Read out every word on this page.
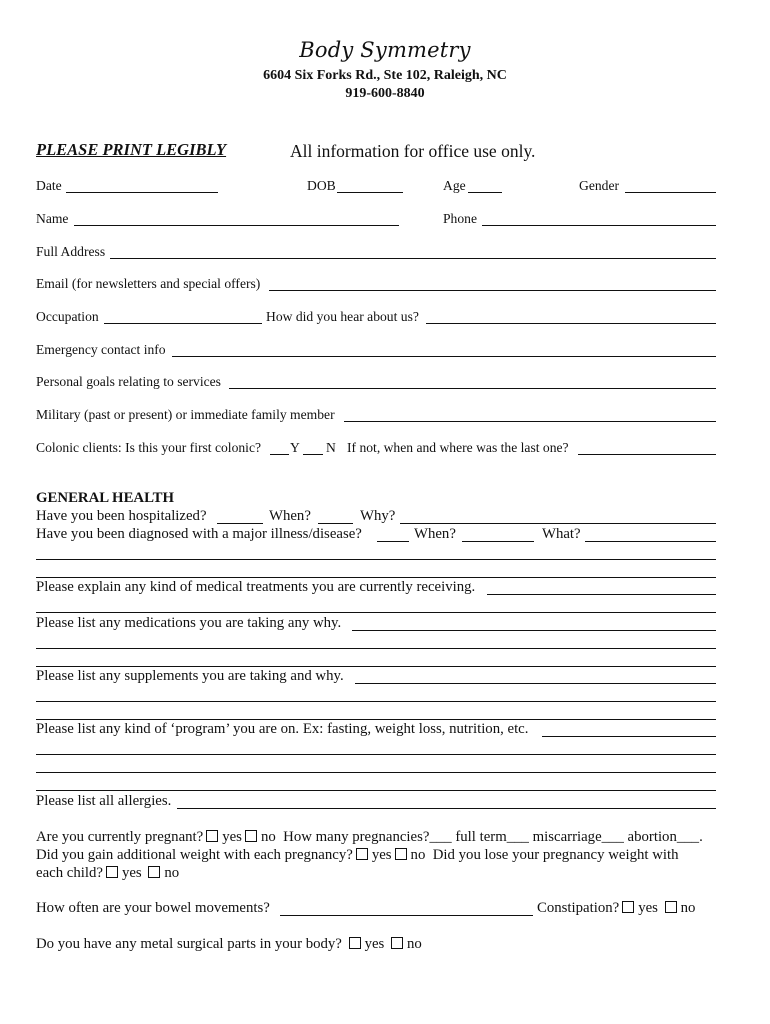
Body Symmetry
6604 Six Forks Rd., Ste 102, Raleigh, NC
919-600-8840
PLEASE PRINT LEGIBLY	All information for office use only.
Date	DOB	Age	Gender
Name	Phone
Full Address
Email (for newsletters and special offers)
Occupation	How did you hear about us?
Emergency contact info
Personal goals relating to services
Military (past or present) or immediate family member
Colonic clients: Is this your first colonic? Y N If not, when and where was the last one?
GENERAL HEALTH
Have you been hospitalized?	When?	Why?
Have you been diagnosed with a major illness/disease?	When?	What?
Please explain any kind of medical treatments you are currently receiving.
Please list any medications you are taking any why.
Please list any supplements you are taking and why.
Please list any kind of ‘program’ you are on. Ex: fasting, weight loss, nutrition, etc.
Please list all allergies.
Are you currently pregnant? yes no How many pregnancies?___ full term___ miscarriage___ abortion___.
Did you gain additional weight with each pregnancy? yes no Did you lose your pregnancy weight with
each child? yes no
How often are your bowel movements?	Constipation? yes no
Do you have any metal surgical parts in your body? yes no
